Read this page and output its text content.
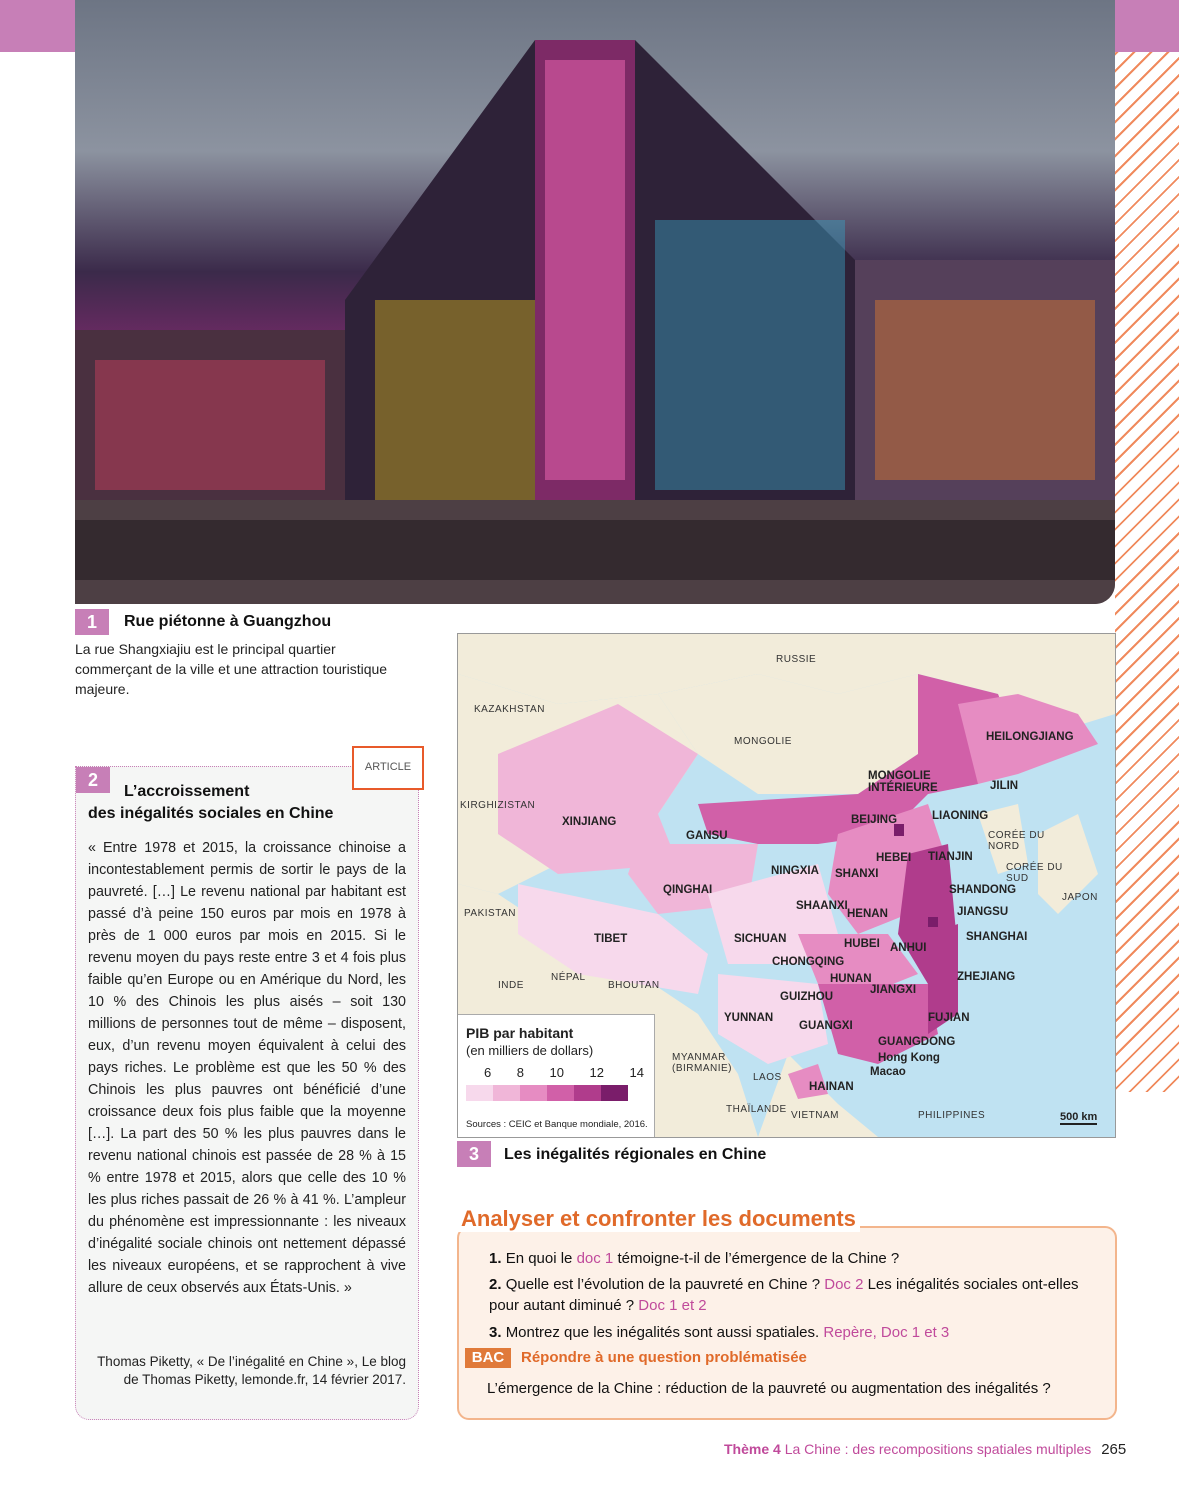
1	Rue piétonne à Guangzhou
La rue Shangxiajiu est le principal quartier commerçant de la ville et une attraction touristique majeure.
2
L’accroissement
des inégalités sociales en Chine
« Entre 1978 et 2015, la croissance chinoise a incontestablement permis de sortir le pays de la pauvreté. […] Le revenu national par habitant est passé d’à peine 150 euros par mois en 1978 à près de 1 000 euros par mois en 2015. Si le revenu moyen du pays reste entre 3 et 4 fois plus faible qu’en Europe ou en Amérique du Nord, les 10 % des Chinois les plus aisés – soit 130 millions de personnes tout de même – disposent, eux, d’un revenu moyen équivalent à celui des pays riches. Le problème est que les 50 % des Chinois les plus pauvres ont bénéficié d’une croissance deux fois plus faible que la moyenne […]. La part des 50 % les plus pauvres dans le revenu national chinois est passée de 28 % à 15 % entre 1978 et 2015, alors que celle des 10 % les plus riches passait de 26 % à 41 %. L’ampleur du phénomène est impressionnante : les niveaux d’inégalité sociale chinois ont nettement dépassé les niveaux européens, et se rapprochent à vive allure de ceux observés aux États-Unis. »
Thomas Piketty, « De l’inégalité en Chine », Le blog de Thomas Piketty, lemonde.fr, 14 février 2017.
ARTICLE
RUSSIE
KAZAKHSTAN
MONGOLIE
KIRGHIZISTAN
PAKISTAN
INDE
NÉPAL
BHOUTAN
MYANMAR (BIRMANIE)
LAOS
THAÏLANDE
VIETNAM	PHILIPPINES
CORÉE DU NORD
CORÉE DU SUD
JAPON
HEILONGJIANG
JILIN
LIAONING
MONGOLIE INTÉRIEURE
XINJIANG
GANSU
BEIJING
TIANJIN
HEBEI
NINGXIA SHANXI
SHANDONG
QINGHAI
SHAANXI
HENAN	JIANGSU
TIBET	SICHUAN	HUBEI ANHUI
SHANGHAI
CHONGQING
HUNAN	ZHEJIANG
GUIZHOU
JIANGXI
YUNNAN
GUANGXI
FUJIAN
GUANGDONG
Hong Kong
Macao
HAINAN
PIB par habitant
(en milliers de dollars)
6 8 10 12 14
Sources : CEIC et Banque mondiale, 2016.
500 km
3	Les inégalités régionales en Chine
1. En quoi le doc 1 témoigne-t-il de l’émergence de la Chine ?
2. Quelle est l’évolution de la pauvreté en Chine ? Doc 2 Les inégalités sociales ont-elles pour autant diminué ? Doc 1 et 2
3. Montrez que les inégalités sont aussi spatiales. Repère, Doc 1 et 3
BAC	Répondre à une question problématisée
L’émergence de la Chine : réduction de la pauvreté ou augmentation des inégalités ?
Analyser et confronter les documents
Thème 4 La Chine : des recompositions spatiales multiples 265
